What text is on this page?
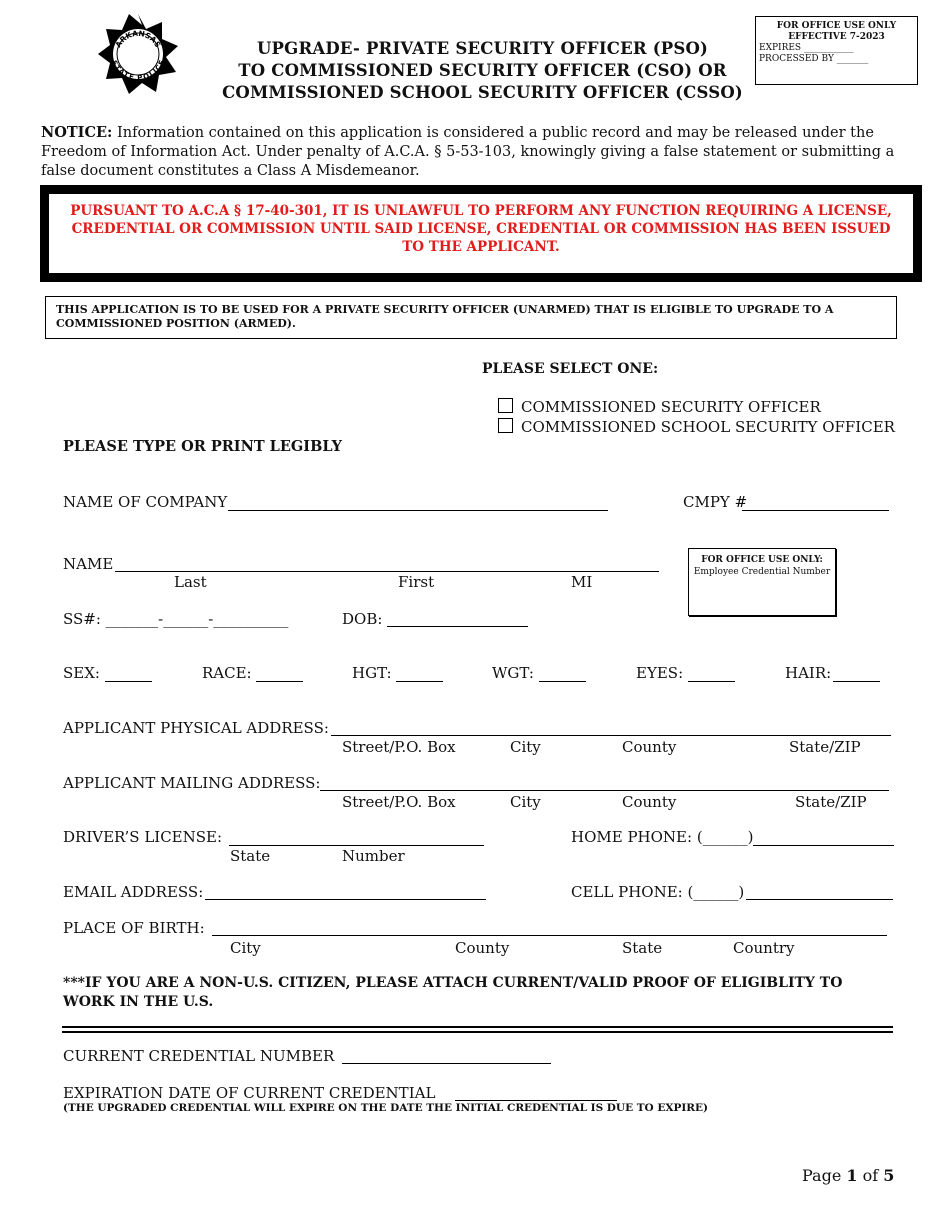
ARKANSAS
STATE POLICE
UPGRADE- PRIVATE SECURITY OFFICER (PSO)
TO COMMISSIONED SECURITY OFFICER (CSO) OR
COMMISSIONED SCHOOL SECURITY OFFICER (CSSO)
FOR OFFICE USE ONLY
EFFECTIVE 7-2023
EXPIRES ___________
PROCESSED BY _______
NOTICE: Information contained on this application is considered a public record and may be released under the Freedom of Information Act. Under penalty of A.C.A. § 5-53-103, knowingly giving a false statement or submitting a false document constitutes a Class A Misdemeanor.
PURSUANT TO A.C.A § 17-40-301, IT IS UNLAWFUL TO PERFORM ANY FUNCTION REQUIRING A LICENSE, CREDENTIAL OR COMMISSION UNTIL SAID LICENSE, CREDENTIAL OR COMMISSION HAS BEEN ISSUED TO THE APPLICANT.
THIS APPLICATION IS TO BE USED FOR A PRIVATE SECURITY OFFICER (UNARMED) THAT IS ELIGIBLE TO UPGRADE TO A COMMISSIONED POSITION (ARMED).
PLEASE SELECT ONE:
COMMISSIONED SECURITY OFFICER
COMMISSIONED SCHOOL SECURITY OFFICER
PLEASE TYPE OR PRINT LEGIBLY
NAME OF COMPANY	CMPY #
NAME
Last	First	MI
FOR OFFICE USE ONLY:
Employee Credential Number
SS#: _______-______-__________	DOB:
SEX:	RACE:	HGT:	WGT:	EYES:	HAIR:
APPLICANT PHYSICAL ADDRESS:
Street/P.O. Box	City	County	State/ZIP
APPLICANT MAILING ADDRESS:
Street/P.O. Box	City	County	State/ZIP
DRIVER’S LICENSE:
State	Number
HOME PHONE: (______)
EMAIL ADDRESS:	CELL PHONE: (______)
PLACE OF BIRTH:
City	County	State	Country
***IF YOU ARE A NON-U.S. CITIZEN, PLEASE ATTACH CURRENT/VALID PROOF OF ELIGIBLITY TO WORK IN THE U.S.
CURRENT CREDENTIAL NUMBER
EXPIRATION DATE OF CURRENT CREDENTIAL
(THE UPGRADED CREDENTIAL WILL EXPIRE ON THE DATE THE INITIAL CREDENTIAL IS DUE TO EXPIRE)
Page 1 of 5
